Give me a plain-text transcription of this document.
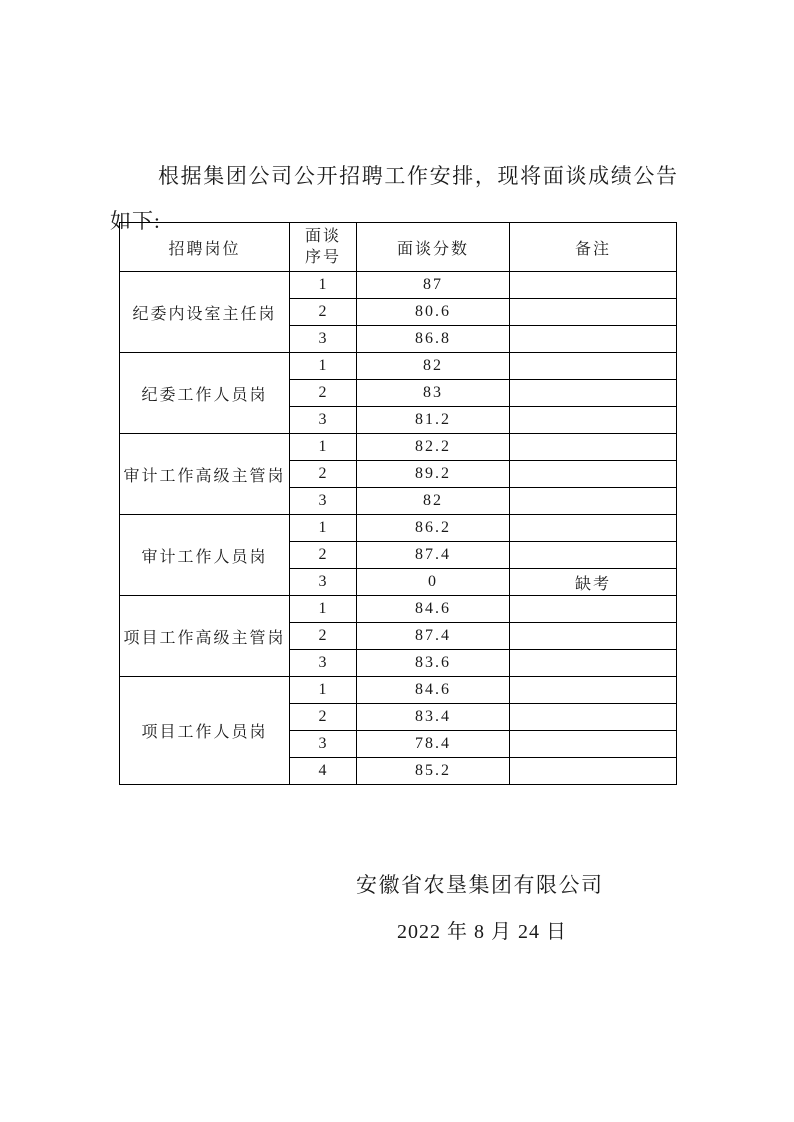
根据集团公司公开招聘工作安排，现将面谈成绩公告如下:

招聘岗位	面谈序号	面谈分数	备注
纪委内设室主任岗	1	87	
	2	80.6	
	3	86.8	
纪委工作人员岗	1	82	
	2	83	
	3	81.2	
审计工作高级主管岗	1	82.2	
	2	89.2	
	3	82	
审计工作人员岗	1	86.2	
	2	87.4	
	3	0	缺考
项目工作高级主管岗	1	84.6	
	2	87.4	
	3	83.6	
项目工作人员岗	1	84.6	
	2	83.4	
	3	78.4	
	4	85.2	
安徽省农垦集团有限公司
2022 年 8 月 24 日
